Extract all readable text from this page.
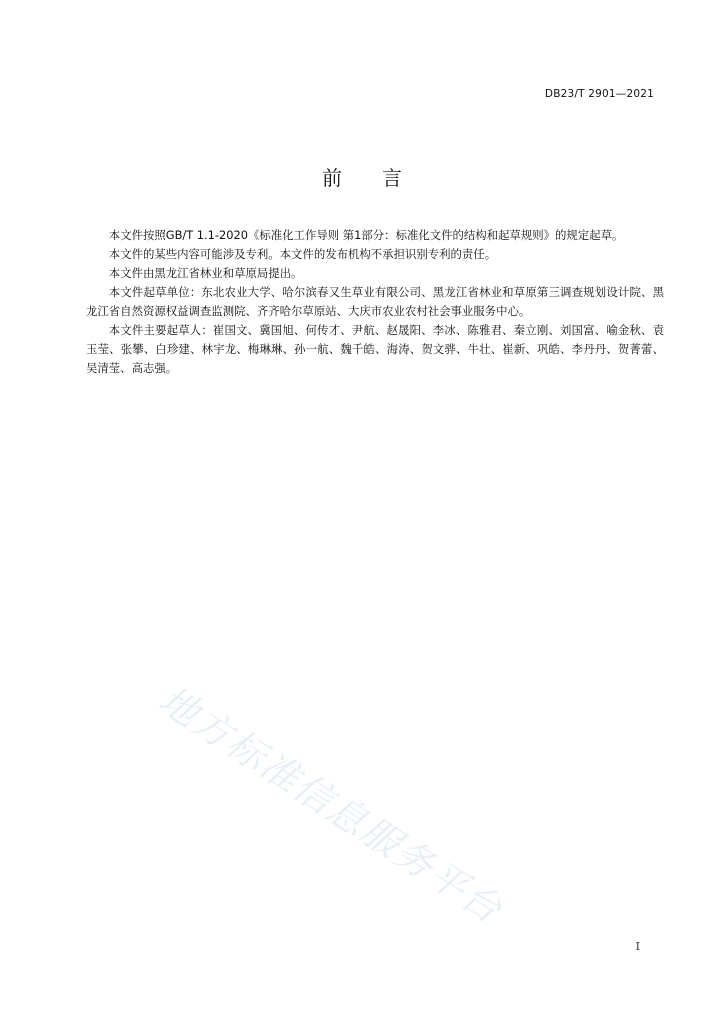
DB23/T 2901—2021
前 言

本文件按照GB/T 1.1-2020《标准化工作导则 第1部分：标准化文件的结构和起草规则》的规定起草。

本文件的某些内容可能涉及专利。本文件的发布机构不承担识别专利的责任。

本文件由黑龙江省林业和草原局提出。

本文件起草单位：东北农业大学、哈尔滨春又生草业有限公司、黑龙江省林业和草原第三调查规划设计院、黑龙江省自然资源权益调查监测院、齐齐哈尔草原站、大庆市农业农村社会事业服务中心。

本文件主要起草人：崔国文、冀国旭、何传才、尹航、赵晟阳、李冰、陈雅君、秦立刚、刘国富、喻金秋、袁玉莹、张攀、白珍建、林宇龙、梅琳琳、孙一航、魏千皓、海涛、贺文骅、牛壮、崔新、巩皓、李丹丹、贺菁蕾、吴清莹、高志强。

地方标准信息服务平台
I
